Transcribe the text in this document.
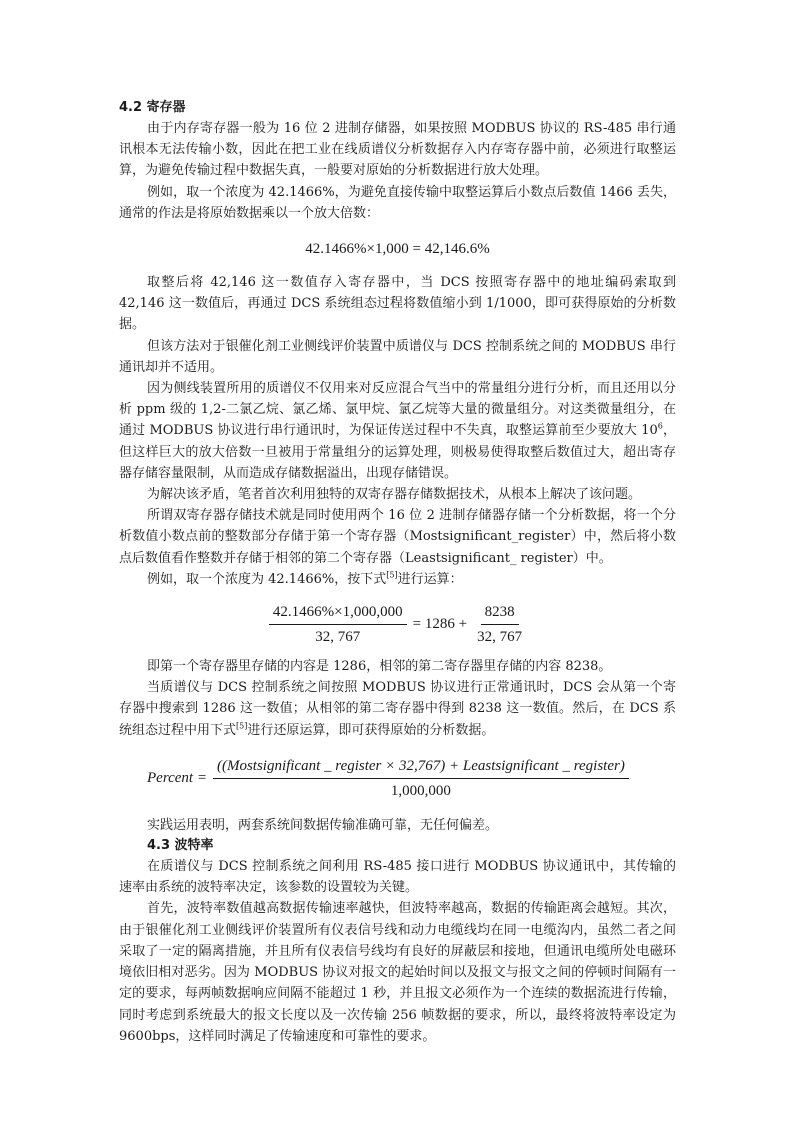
4.2 寄存器

由于内存寄存器一般为 16 位 2 进制存储器，如果按照 MODBUS 协议的 RS-485 串行通讯根本无法传输小数，因此在把工业在线质谱仪分析数据存入内存寄存器中前，必须进行取整运算，为避免传输过程中数据失真，一般要对原始的分析数据进行放大处理。

例如，取一个浓度为 42.1466%，为避免直接传输中取整运算后小数点后数值 1466 丢失，通常的作法是将原始数据乘以一个放大倍数：

42.1466%×1,000 = 42,146.6%

取整后将 42,146 这一数值存入寄存器中，当 DCS 按照寄存器中的地址编码索取到 42,146 这一数值后，再通过 DCS 系统组态过程将数值缩小到 1/1000，即可获得原始的分析数据。

但该方法对于银催化剂工业侧线评价装置中质谱仪与 DCS 控制系统之间的 MODBUS 串行通讯却并不适用。

因为侧线装置所用的质谱仪不仅用来对反应混合气当中的常量组分进行分析，而且还用以分析 ppm 级的 1,2-二氯乙烷、氯乙烯、氯甲烷、氯乙烷等大量的微量组分。对这类微量组分，在通过 MODBUS 协议进行串行通讯时，为保证传送过程中不失真，取整运算前至少要放大 $10^6$，但这样巨大的放大倍数一旦被用于常量组分的运算处理，则极易使得取整后数值过大，超出寄存器存储容量限制，从而造成存储数据溢出，出现存储错误。

为解决该矛盾，笔者首次利用独特的双寄存器存储数据技术，从根本上解决了该问题。

所谓双寄存器存储技术就是同时使用两个 16 位 2 进制存储器存储一个分析数据，将一个分析数值小数点前的整数部分存储于第一个寄存器（Mostsignificant_register）中，然后将小数点后数值看作整数并存储于相邻的第二个寄存器（Leastsignificant_ register）中。

例如，取一个浓度为 42.1466%，按下式[5]进行运算：

$\frac{42.1466\%\times 1,000,000}{32, 767} = 1286 + \frac{8238}{32, 767}$

即第一个寄存器里存储的内容是 1286，相邻的第二寄存器里存储的内容 8238。

当质谱仪与 DCS 控制系统之间按照 MODBUS 协议进行正常通讯时，DCS 会从第一个寄存器中搜索到 1286 这一数值；从相邻的第二寄存器中得到 8238 这一数值。然后，在 DCS 系统组态过程中用下式[5]进行还原运算，即可获得原始的分析数据。

Percent =
((Mostsignificant _ register × 32,767) + Leastsignificant _ register)
1,000,000

实践运用表明，两套系统间数据传输准确可靠，无任何偏差。

4.3 波特率

在质谱仪与 DCS 控制系统之间利用 RS-485 接口进行 MODBUS 协议通讯中，其传输的速率由系统的波特率决定，该参数的设置较为关键。

首先，波特率数值越高数据传输速率越快，但波特率越高，数据的传输距离会越短。其次，由于银催化剂工业侧线评价装置所有仪表信号线和动力电缆线均在同一电缆沟内，虽然二者之间采取了一定的隔离措施，并且所有仪表信号线均有良好的屏蔽层和接地，但通讯电缆所处电磁环境依旧相对恶劣。因为 MODBUS 协议对报文的起始时间以及报文与报文之间的停顿时间隔有一定的要求，每两帧数据响应间隔不能超过 1 秒，并且报文必须作为一个连续的数据流进行传输，同时考虑到系统最大的报文长度以及一次传输 256 帧数据的要求，所以，最终将波特率设定为 9600bps，这样同时满足了传输速度和可靠性的要求。
